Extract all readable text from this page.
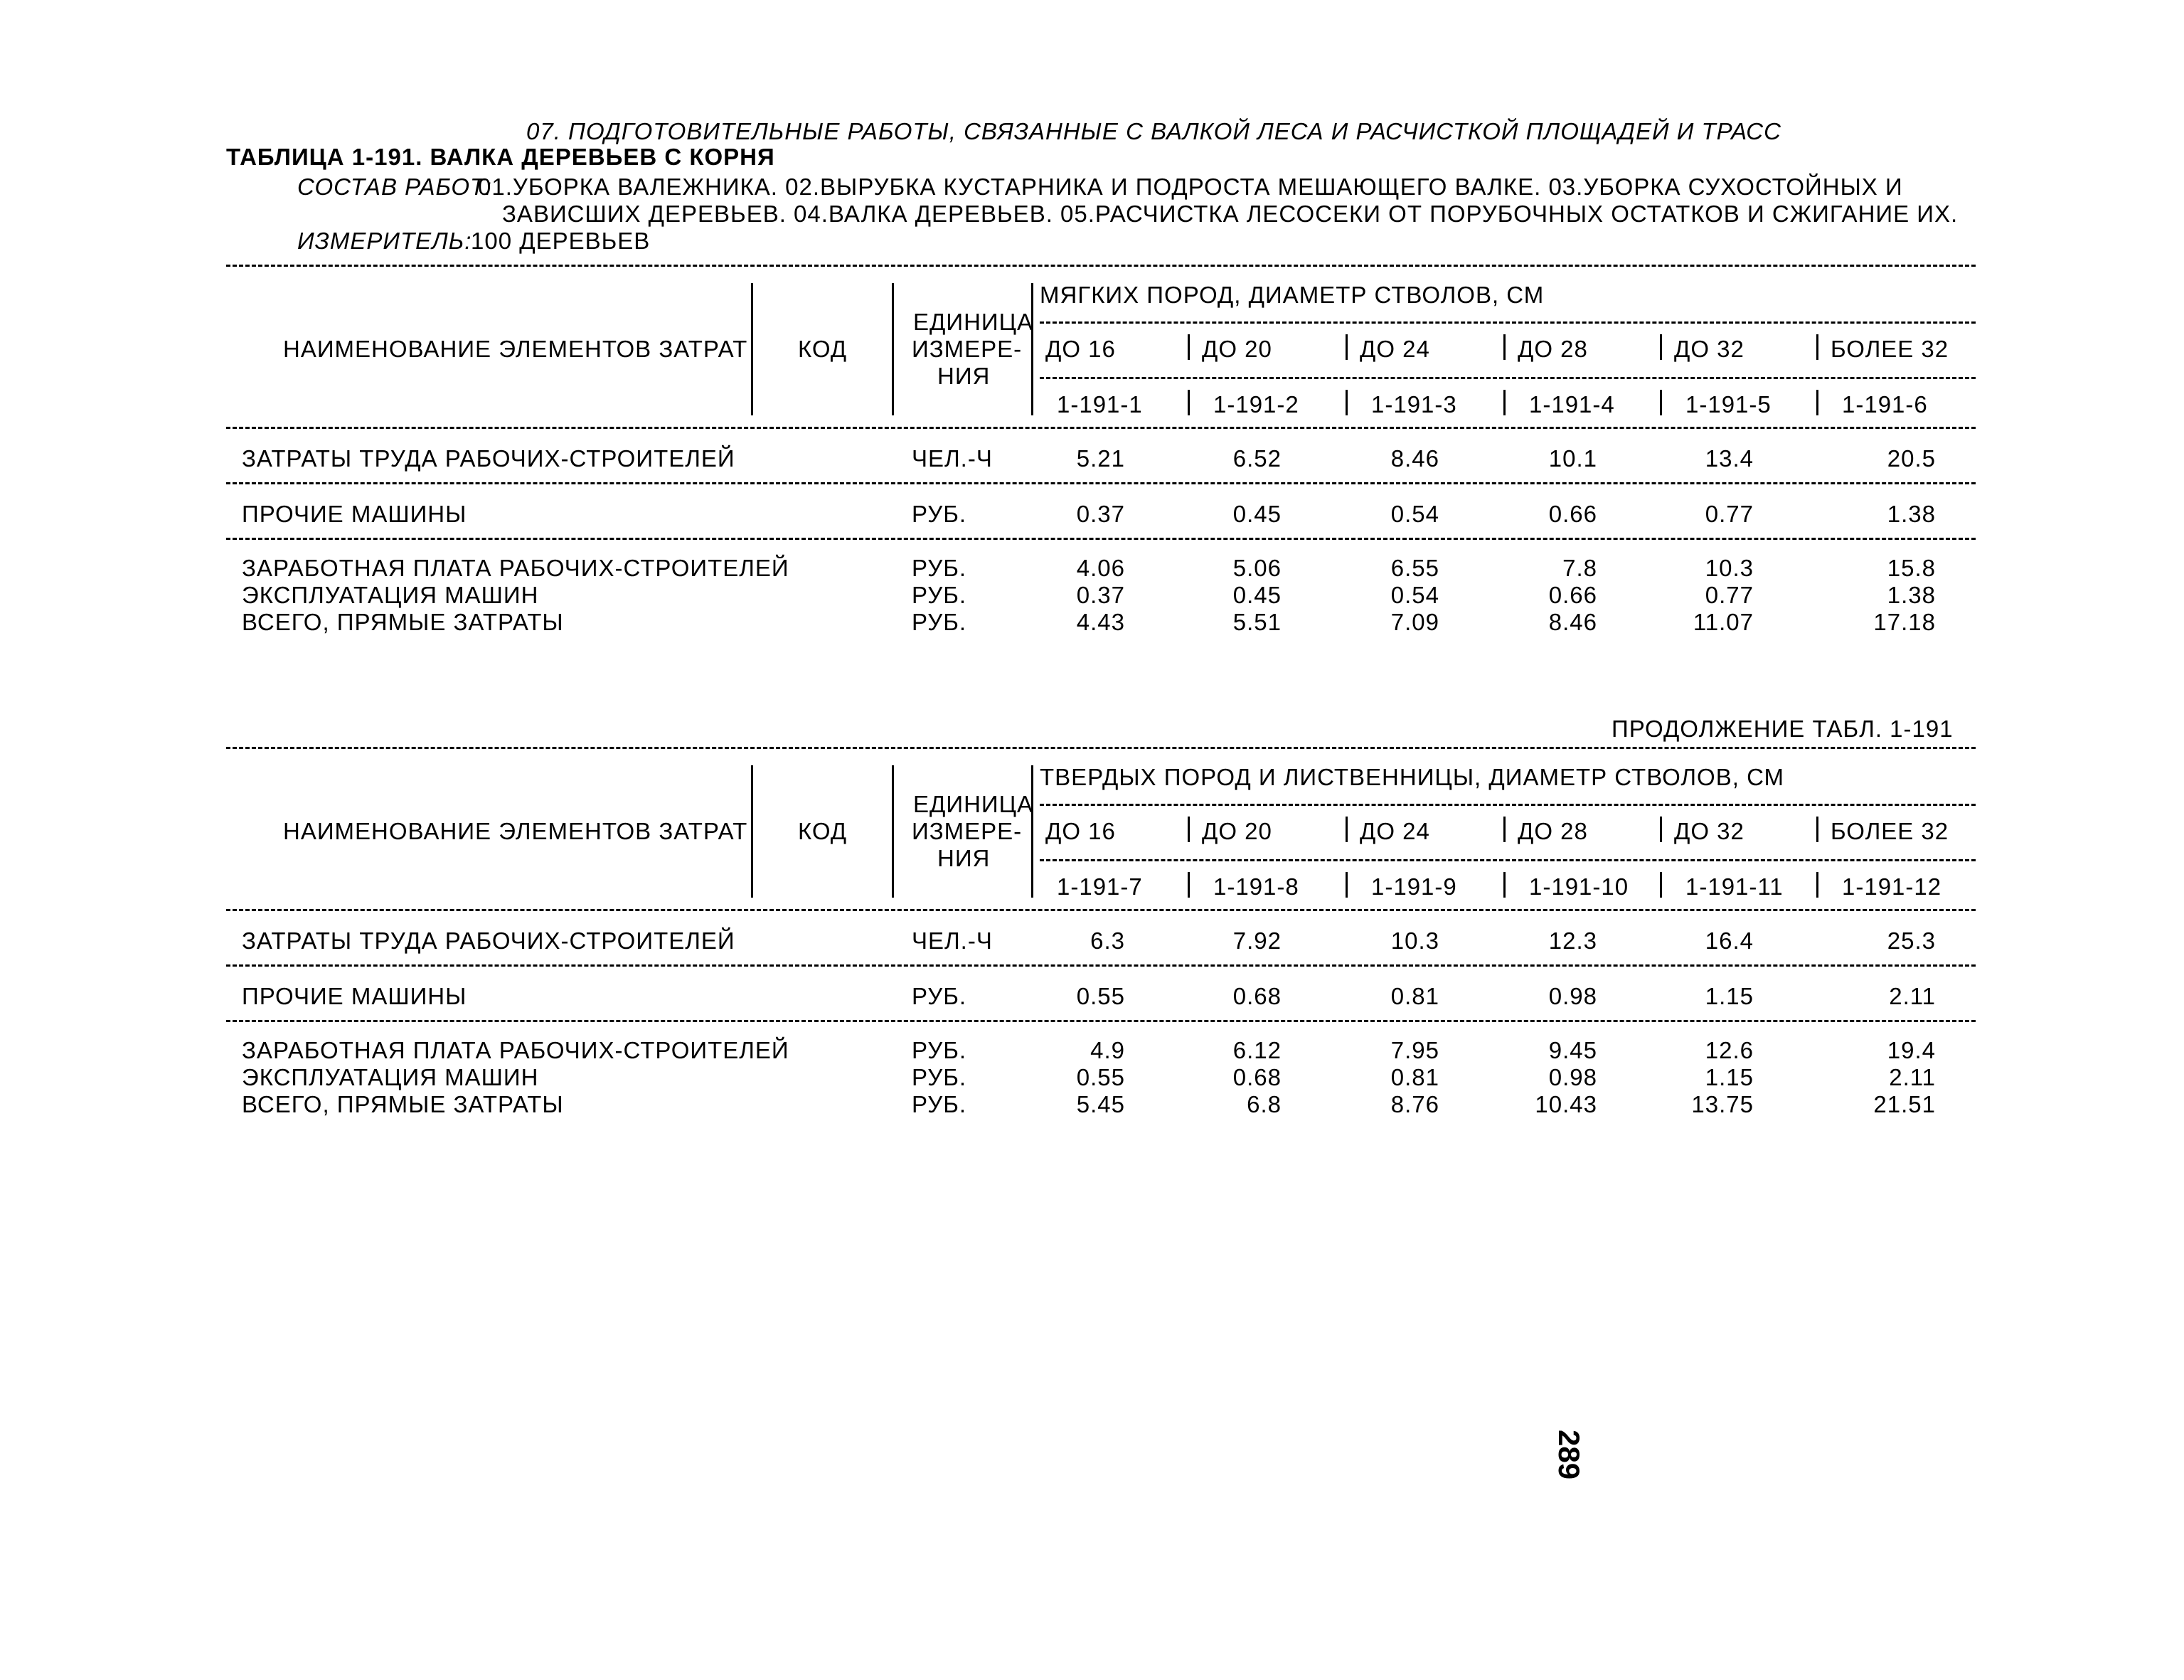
07. ПОДГОТОВИТЕЛЬНЫЕ РАБОТЫ, СВЯЗАННЫЕ С ВАЛКОЙ ЛЕСА И РАСЧИСТКОЙ ПЛОЩАДЕЙ И ТРАСС
ТАБЛИЦА 1-191. ВАЛКА ДЕРЕВЬЕВ С КОРНЯ
СОСТАВ РАБОТ:
01.УБОРКА ВАЛЕЖНИКА. 02.ВЫРУБКА КУСТАРНИКА И ПОДРОСТА МЕШАЮЩЕГО ВАЛКЕ. 03.УБОРКА СУХОСТОЙНЫХ И
ЗАВИСШИХ ДЕРЕВЬЕВ. 04.ВАЛКА ДЕРЕВЬЕВ. 05.РАСЧИСТКА ЛЕСОСЕКИ ОТ ПОРУБОЧНЫХ ОСТАТКОВ И СЖИГАНИЕ ИХ.
ИЗМЕРИТЕЛЬ:
100 ДЕРЕВЬЕВ
ПРОДОЛЖЕНИЕ ТАБЛ. 1-191
НАИМЕНОВАНИЕ ЭЛЕМЕНТОВ ЗАТРАТ КОД
ЕДИНИЦА
ИЗМЕРЕ-
НИЯ
МЯГКИХ ПОРОД, ДИАМЕТР СТВОЛОВ, СМ
ДО 16	ДО 20	ДО 24	ДО 28	ДО 32	БОЛЕЕ 32
1-191-1	1-191-2	1-191-3	1-191-4	1-191-5	1-191-6
ЗАТРАТЫ ТРУДА РАБОЧИХ-СТРОИТЕЛЕЙ	ЧЕЛ.-Ч	5.21	6.52	8.46	10.1	13.4	20.5
ПРОЧИЕ МАШИНЫ	РУБ.	0.37	0.45	0.54	0.66	0.77	1.38
ЗАРАБОТНАЯ ПЛАТА РАБОЧИХ-СТРОИТЕЛЕЙ	РУБ.	4.06	5.06	6.55	7.8	10.3	15.8
ЭКСПЛУАТАЦИЯ МАШИН	РУБ.	0.37	0.45	0.54	0.66	0.77	1.38
ВСЕГО, ПРЯМЫЕ ЗАТРАТЫ	РУБ.	4.43	5.51	7.09	8.46	11.07	17.18
НАИМЕНОВАНИЕ ЭЛЕМЕНТОВ ЗАТРАТ КОД
ЕДИНИЦА
ИЗМЕРЕ-
НИЯ
ТВЕРДЫХ ПОРОД И ЛИСТВЕННИЦЫ, ДИАМЕТР СТВОЛОВ, СМ
ДО 16	ДО 20	ДО 24	ДО 28	ДО 32	БОЛЕЕ 32
1-191-7	1-191-8	1-191-9	1-191-10 1-191-11 1-191-12
ЗАТРАТЫ ТРУДА РАБОЧИХ-СТРОИТЕЛЕЙ	ЧЕЛ.-Ч	6.3	7.92	10.3	12.3	16.4	25.3
ПРОЧИЕ МАШИНЫ	РУБ.	0.55	0.68	0.81	0.98	1.15	2.11
ЗАРАБОТНАЯ ПЛАТА РАБОЧИХ-СТРОИТЕЛЕЙ	РУБ.	4.9	6.12	7.95	9.45	12.6	19.4
ЭКСПЛУАТАЦИЯ МАШИН	РУБ.	0.55	0.68	0.81	0.98	1.15	2.11
ВСЕГО, ПРЯМЫЕ ЗАТРАТЫ	РУБ.	5.45	6.8	8.76	10.43	13.75	21.51
289
